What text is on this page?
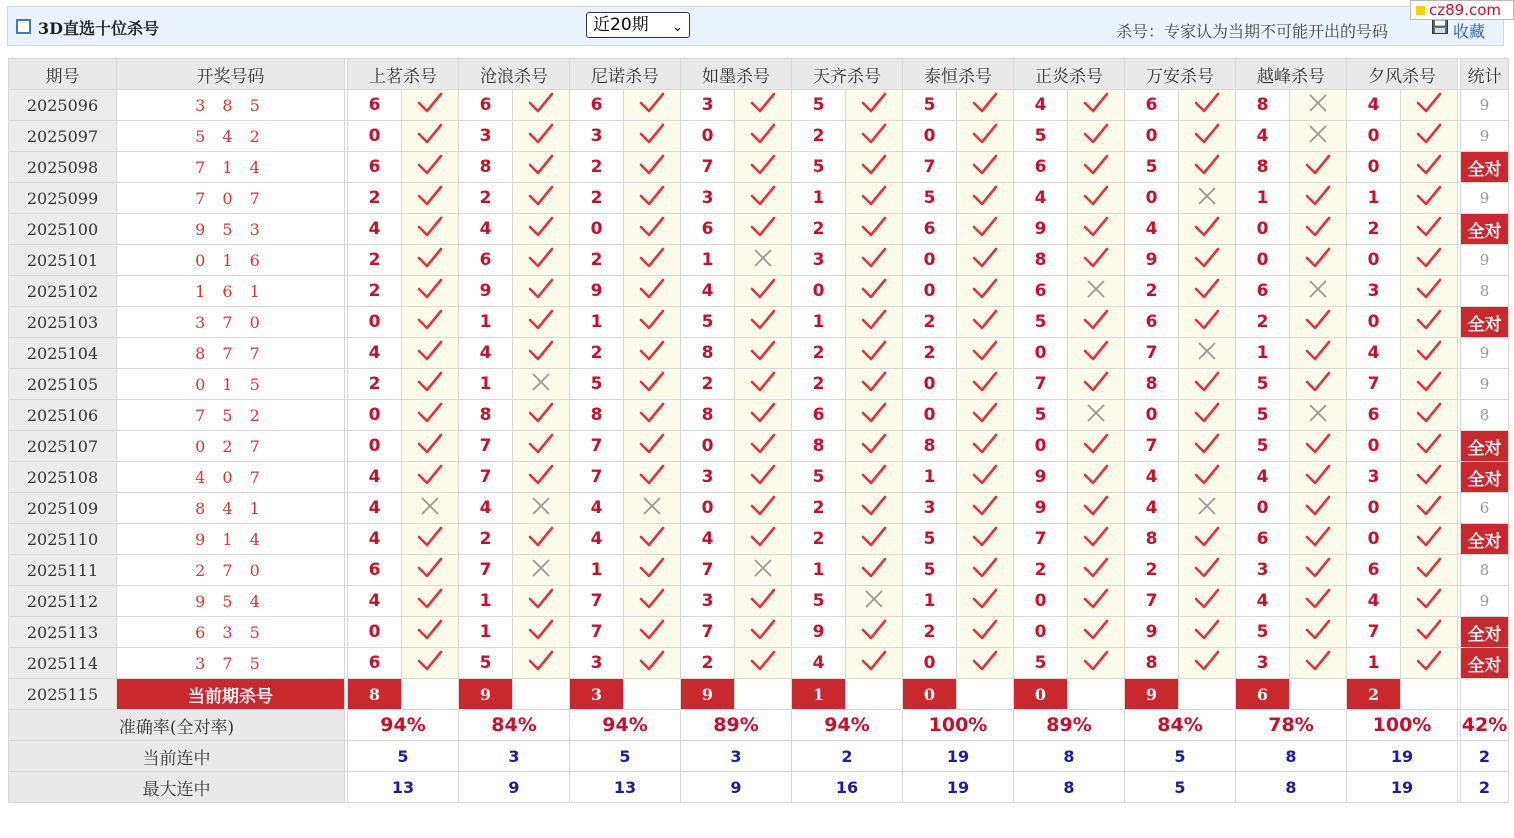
3D直选十位杀号	近20期 ⌄	杀号：专家认为当期不可能开出的号码	收藏
cz89.com
期号	开奖号码		上茗杀号		沧浪杀号		尼诺杀号		如墨杀号		天齐杀号		泰恒杀号		正炎杀号		万安杀号		越峰杀号		夕风杀号			统计
2025096	3 8 5		6		6		6		3		5		5		4		6		8		4			9
2025097	5 4 2		0		3		3		0		2		0		5		0		4		0			9
2025098	7 1 4		6		8		2		7		5		7		6		5		8		0			全对
2025099	7 0 7		2		2		2		3		1		5		4		0		1		1			9
2025100	9 5 3		4		4		0		6		2		6		9		4		0		2			全对
2025101	0 1 6		2		6		2		1		3		0		8		9		0		0			9
2025102	1 6 1		2		9		9		4		0		0		6		2		6		3			8
2025103	3 7 0		0		1		1		5		1		2		5		6		2		0			全对
2025104	8 7 7		4		4		2		8		2		2		0		7		1		4			9
2025105	0 1 5		2		1		5		2		2		0		7		8		5		7			9
2025106	7 5 2		0		8		8		8		6		0		5		0		5		6			8
2025107	0 2 7		0		7		7		0		8		8		0		7		5		0			全对
2025108	4 0 7		4		7		7		3		5		1		9		4		4		3			全对
2025109	8 4 1		4		4		4		0		2		3		9		4		0		0			6
2025110	9 1 4		4		2		4		4		2		5		7		8		6		0			全对
2025111	2 7 0		6		7		1		7		1		5		2		2		3		6			8
2025112	9 5 4		4		1		7		3		5		1		0		7		4		4			9
2025113	6 3 5		0		1		7		7		9		2		0		9		5		7			全对
2025114	3 7 5		6		5		3		2		4		0		5		8		3		1			全对
2025115	当前期杀号		8		9		3		9		1		0		0		9		6		2			
准确率(全对率)			94%		84%		94%		89%		94%		100%		89%		84%		78%		100%			42%
当前连中			5		3		5		3		2		19		8		5		8		19			2
最大连中			13		9		13		9		16		19		8		5		8		19			2
